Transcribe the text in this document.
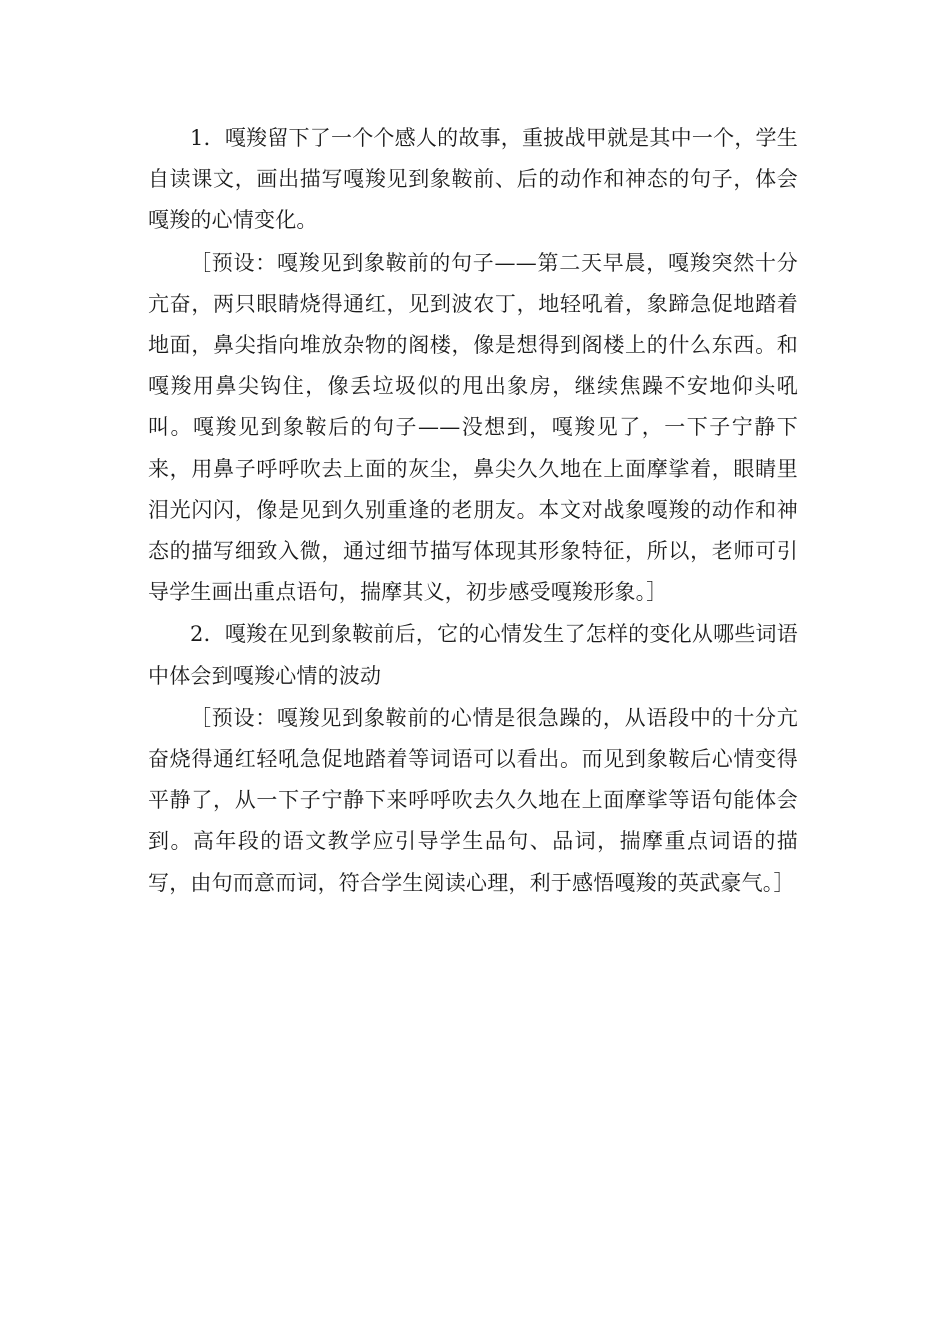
1．嘎羧留下了一个个感人的故事，重披战甲就是其中一个，学生自读课文，画出描写嘎羧见到象鞍前、后的动作和神态的句子，体会嘎羧的心情变化。

［预设：嘎羧见到象鞍前的句子——第二天早晨，嘎羧突然十分亢奋，两只眼睛烧得通红，见到波农丁，地轻吼着，象蹄急促地踏着地面，鼻尖指向堆放杂物的阁楼，像是想得到阁楼上的什么东西。和嘎羧用鼻尖钩住，像丢垃圾似的甩出象房，继续焦躁不安地仰头吼叫。嘎羧见到象鞍后的句子——没想到，嘎羧见了，一下子宁静下来，用鼻子呼呼吹去上面的灰尘，鼻尖久久地在上面摩挲着，眼睛里泪光闪闪，像是见到久别重逢的老朋友。本文对战象嘎羧的动作和神态的描写细致入微，通过细节描写体现其形象特征，所以，老师可引导学生画出重点语句，揣摩其义，初步感受嘎羧形象。］

2．嘎羧在见到象鞍前后，它的心情发生了怎样的变化从哪些词语中体会到嘎羧心情的波动

［预设：嘎羧见到象鞍前的心情是很急躁的，从语段中的十分亢奋烧得通红轻吼急促地踏着等词语可以看出。而见到象鞍后心情变得平静了，从一下子宁静下来呼呼吹去久久地在上面摩挲等语句能体会到。高年段的语文教学应引导学生品句、品词，揣摩重点词语的描写，由句而意而词，符合学生阅读心理，利于感悟嘎羧的英武豪气。］
